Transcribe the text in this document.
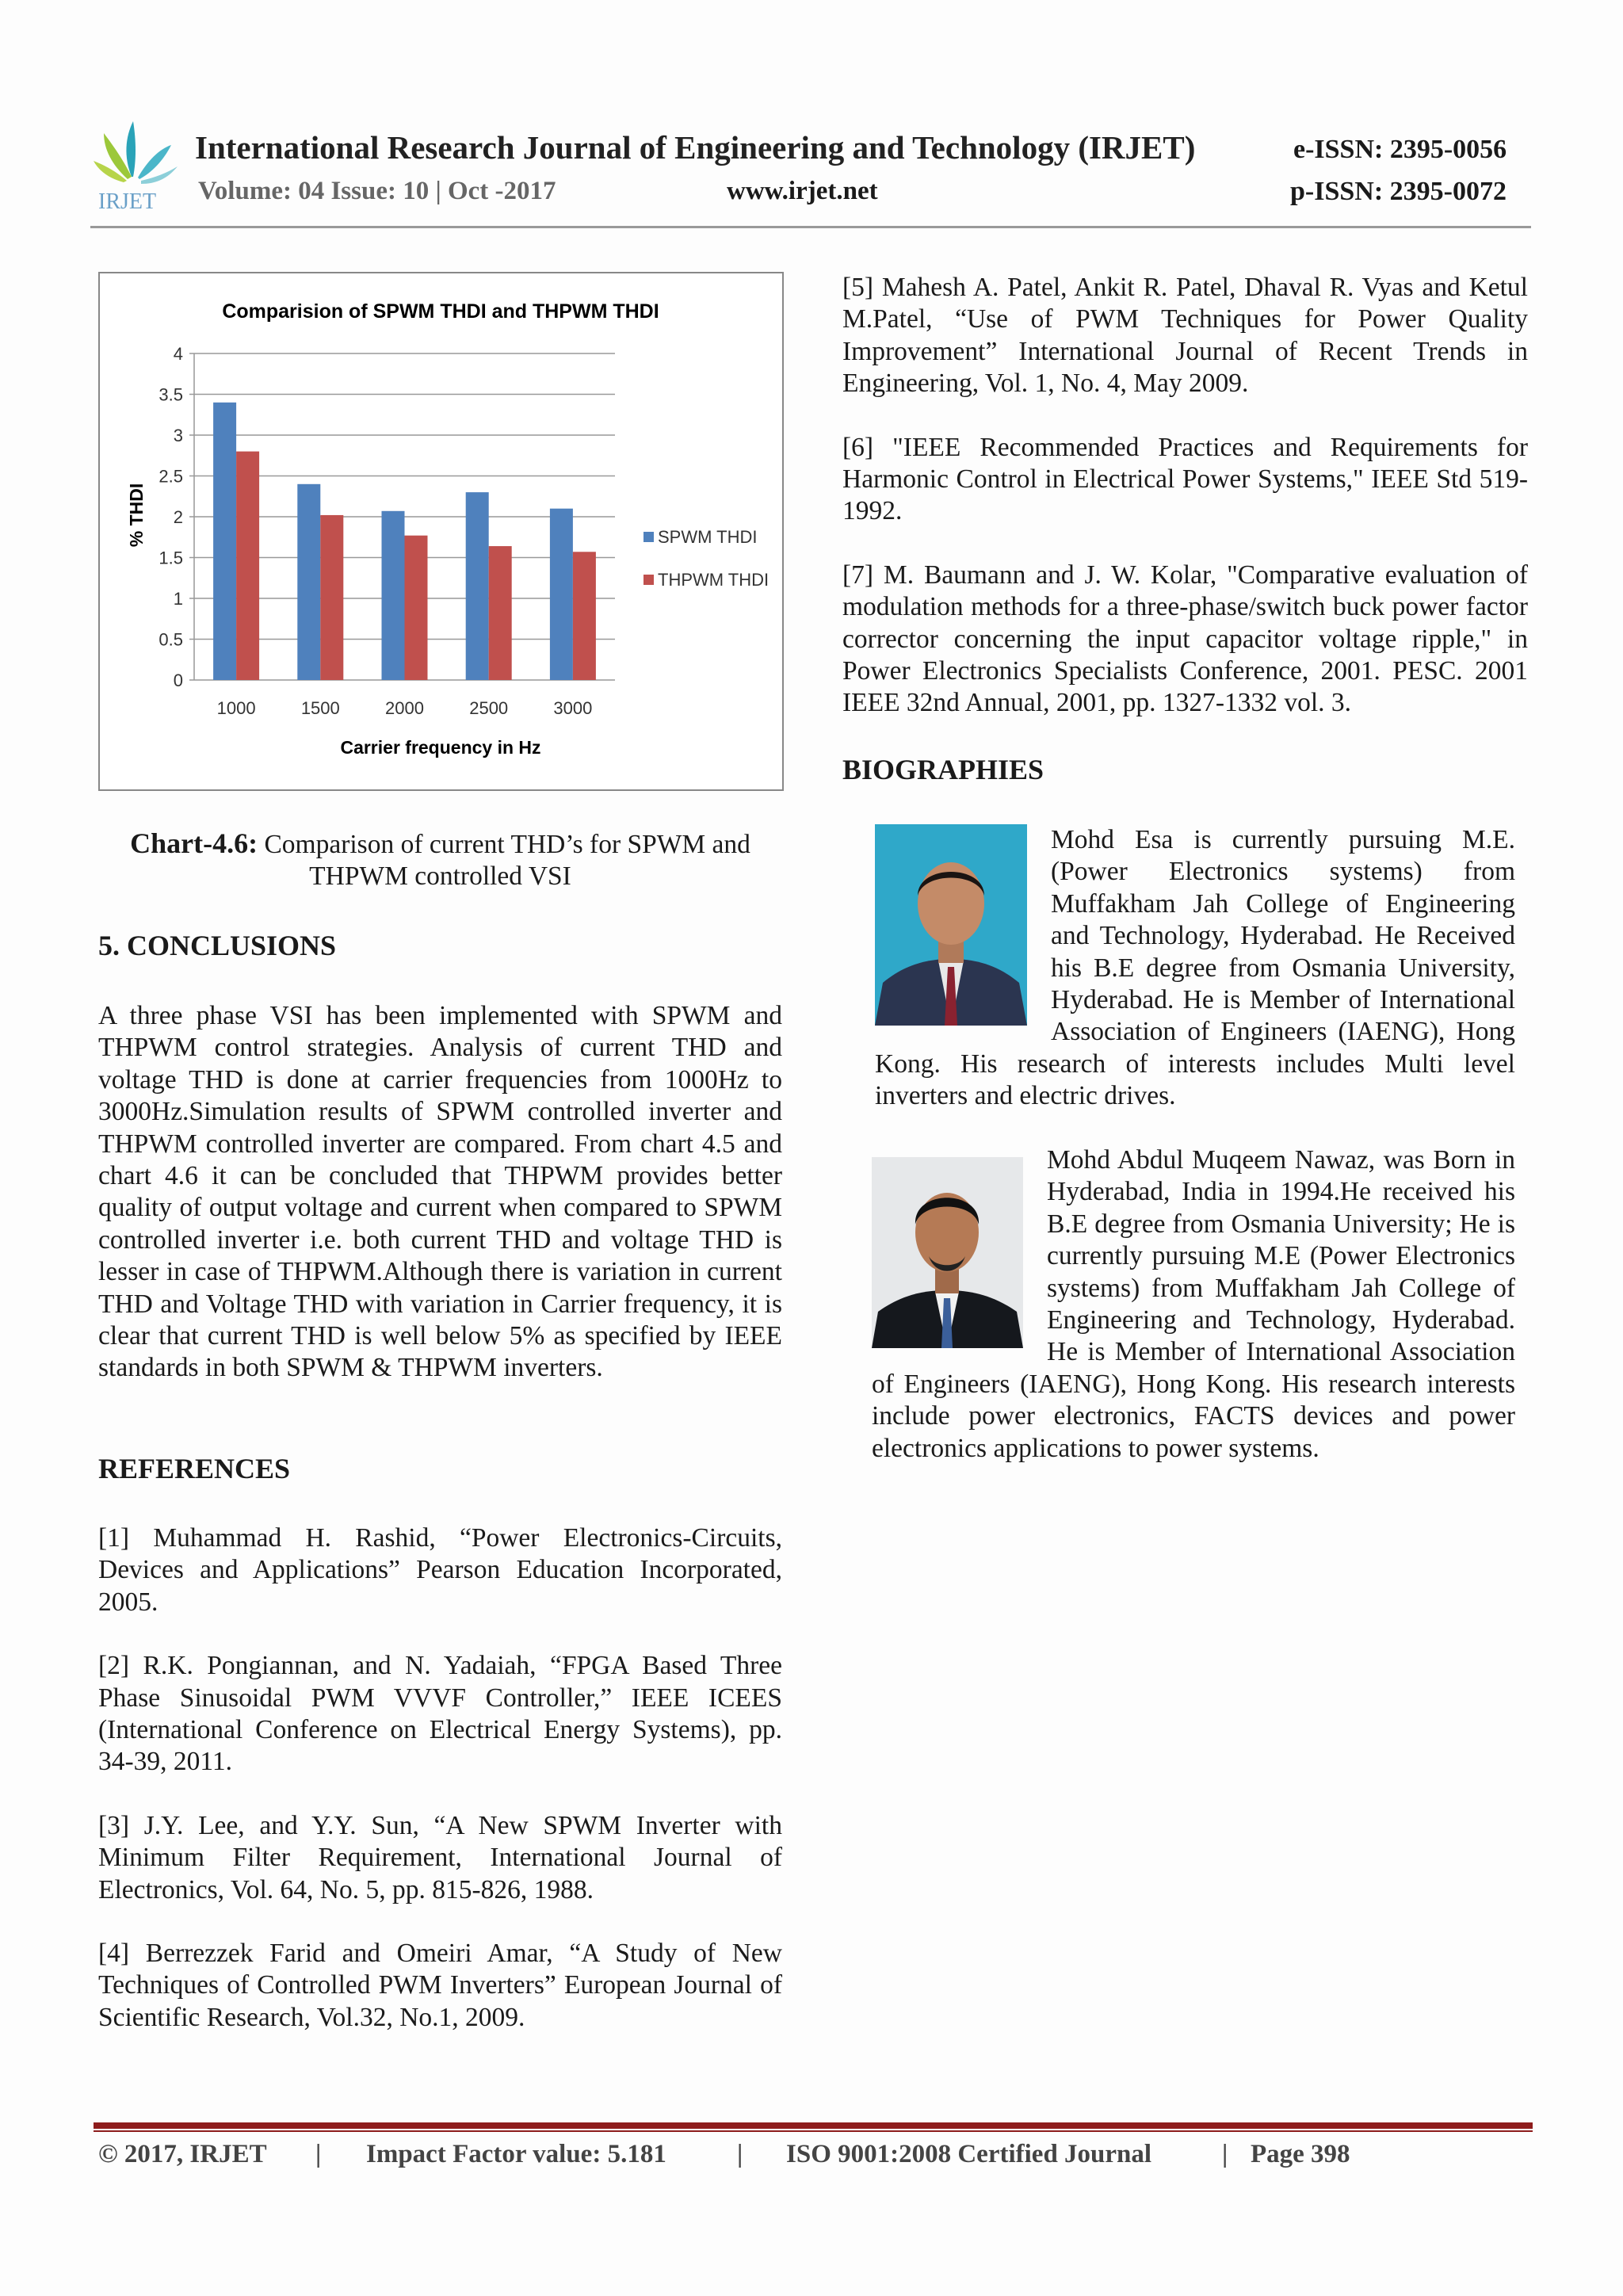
IRJET
International Research Journal of Engineering and Technology (IRJET)	e-ISSN: 2395-0056
Volume: 04 Issue: 10 | Oct -2017	www.irjet.net	p-ISSN: 2395-0072
Comparision of SPWM THDI and THPWM THDI
0
0.5
1
1.5
2
2.5
3
3.5
4
1000	1500	2000	2500	3000
Carrier frequency in Hz
% THDI	SPWM THDI
THPWM THDI
Chart-4.6: Comparison of current THD’s for SPWM and THPWM controlled VSI
5. CONCLUSIONS
A three phase VSI has been implemented with SPWM and THPWM control strategies. Analysis of current THD and voltage THD is done at carrier frequencies from 1000Hz to 3000Hz.Simulation results of SPWM controlled inverter and THPWM controlled inverter are compared. From chart 4.5 and chart 4.6 it can be concluded that THPWM provides better quality of output voltage and current when compared to SPWM controlled inverter i.e. both current THD and voltage THD is lesser in case of THPWM.Although there is variation in current THD and Voltage THD with variation in Carrier frequency, it is clear that current THD is well below 5% as specified by IEEE standards in both SPWM & THPWM inverters.
REFERENCES

[1] Muhammad H. Rashid, “Power Electronics-Circuits, Devices and Applications” Pearson Education Incorporated, 2005.

[2] R.K. Pongiannan, and N. Yadaiah, “FPGA Based Three Phase Sinusoidal PWM VVVF Controller,” IEEE ICEES (International Conference on Electrical Energy Systems), pp. 34-39, 2011.

[3] J.Y. Lee, and Y.Y. Sun, “A New SPWM Inverter with Minimum Filter Requirement, International Journal of Electronics, Vol. 64, No. 5, pp. 815-826, 1988.

[4] Berrezzek Farid and Omeiri Amar, “A Study of New Techniques of Controlled PWM Inverters” European Journal of Scientific Research, Vol.32, No.1, 2009.

[5] Mahesh A. Patel, Ankit R. Patel, Dhaval R. Vyas and Ketul M.Patel, “Use of PWM Techniques for Power Quality Improvement” International Journal of Recent Trends in Engineering, Vol. 1, No. 4, May 2009.

[6] "IEEE Recommended Practices and Requirements for Harmonic Control in Electrical Power Systems," IEEE Std 519-1992.

[7] M. Baumann and J. W. Kolar, "Comparative evaluation of modulation methods for a three-phase/switch buck power factor corrector concerning the input capacitor voltage ripple," in Power Electronics Specialists Conference, 2001. PESC. 2001 IEEE 32nd Annual, 2001, pp. 1327-1332 vol. 3.

BIOGRAPHIES
Mohd Esa is currently pursuing M.E. (Power Electronics systems) from Muffakham Jah College of Engineering and Technology, Hyderabad. He Received his B.E degree from Osmania University, Hyderabad. He is Member of International Association of Engineers (IAENG), Hong Kong. His research of interests includes Multi level inverters and electric drives.
Mohd Abdul Muqeem Nawaz, was Born in Hyderabad, India in 1994.He received his B.E degree from Osmania University; He is currently pursuing M.E (Power Electronics systems) from Muffakham Jah College of Engineering and Technology, Hyderabad. He is Member of International Association of Engineers (IAENG), Hong Kong. His research interests include power electronics, FACTS devices and power electronics applications to power systems.
© 2017, IRJET | Impact Factor value: 5.181	| ISO 9001:2008 Certified Journal	| Page 398
